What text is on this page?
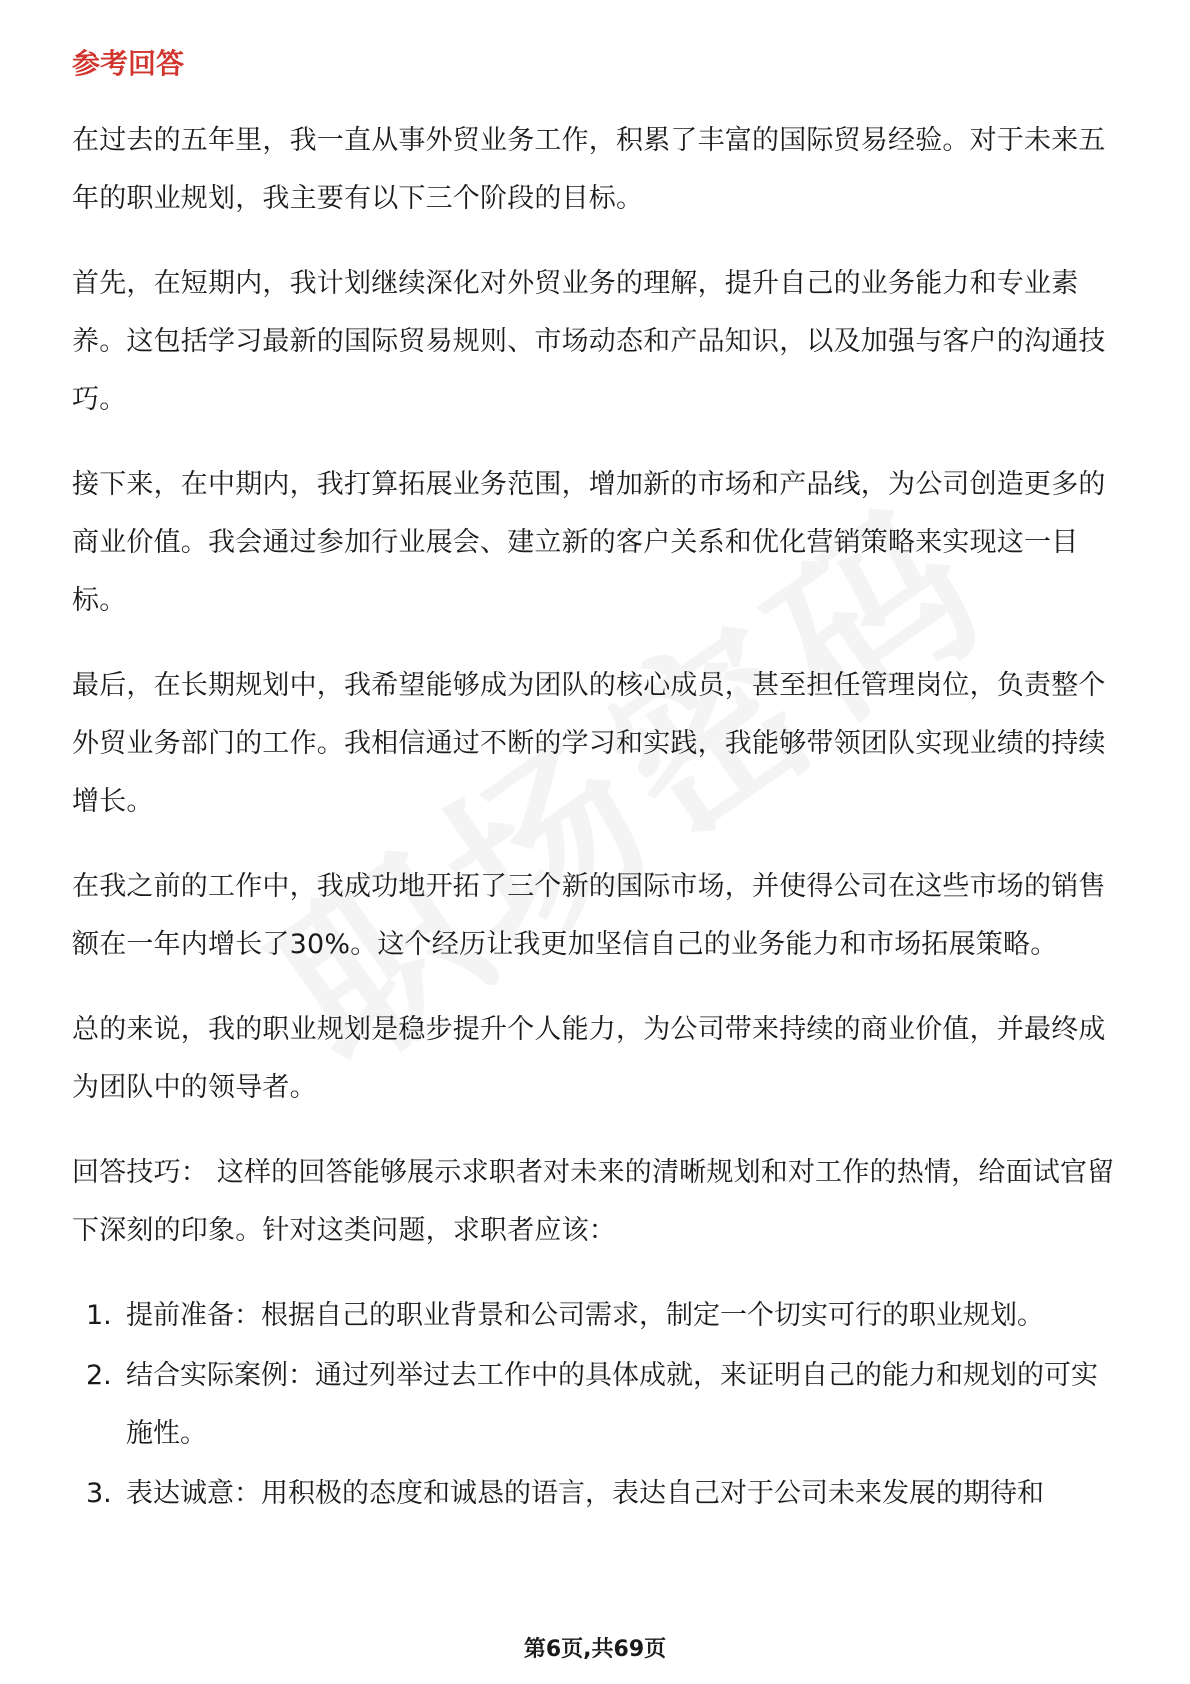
参考回答

在过去的五年里，我一直从事外贸业务工作，积累了丰富的国际贸易经验。对于未来五年的职业规划，我主要有以下三个阶段的目标。

首先，在短期内，我计划继续深化对外贸业务的理解，提升自己的业务能力和专业素养。这包括学习最新的国际贸易规则、市场动态和产品知识，以及加强与客户的沟通技巧。

接下来，在中期内，我打算拓展业务范围，增加新的市场和产品线，为公司创造更多的商业价值。我会通过参加行业展会、建立新的客户关系和优化营销策略来实现这一目标。

最后，在长期规划中，我希望能够成为团队的核心成员，甚至担任管理岗位，负责整个外贸业务部门的工作。我相信通过不断的学习和实践，我能够带领团队实现业绩的持续增长。

在我之前的工作中，我成功地开拓了三个新的国际市场，并使得公司在这些市场的销售额在一年内增长了30%。这个经历让我更加坚信自己的业务能力和市场拓展策略。

总的来说，我的职业规划是稳步提升个人能力，为公司带来持续的商业价值，并最终成为团队中的领导者。

回答技巧： 这样的回答能够展示求职者对未来的清晰规划和对工作的热情，给面试官留下深刻的印象。针对这类问题，求职者应该：

1. 提前准备：根据自己的职业背景和公司需求，制定一个切实可行的职业规划。
2. 结合实际案例：通过列举过去工作中的具体成就，来证明自己的能力和规划的可实施性。
3. 表达诚意：用积极的态度和诚恳的语言，表达自己对于公司未来发展的期待和
第6页,共69页
